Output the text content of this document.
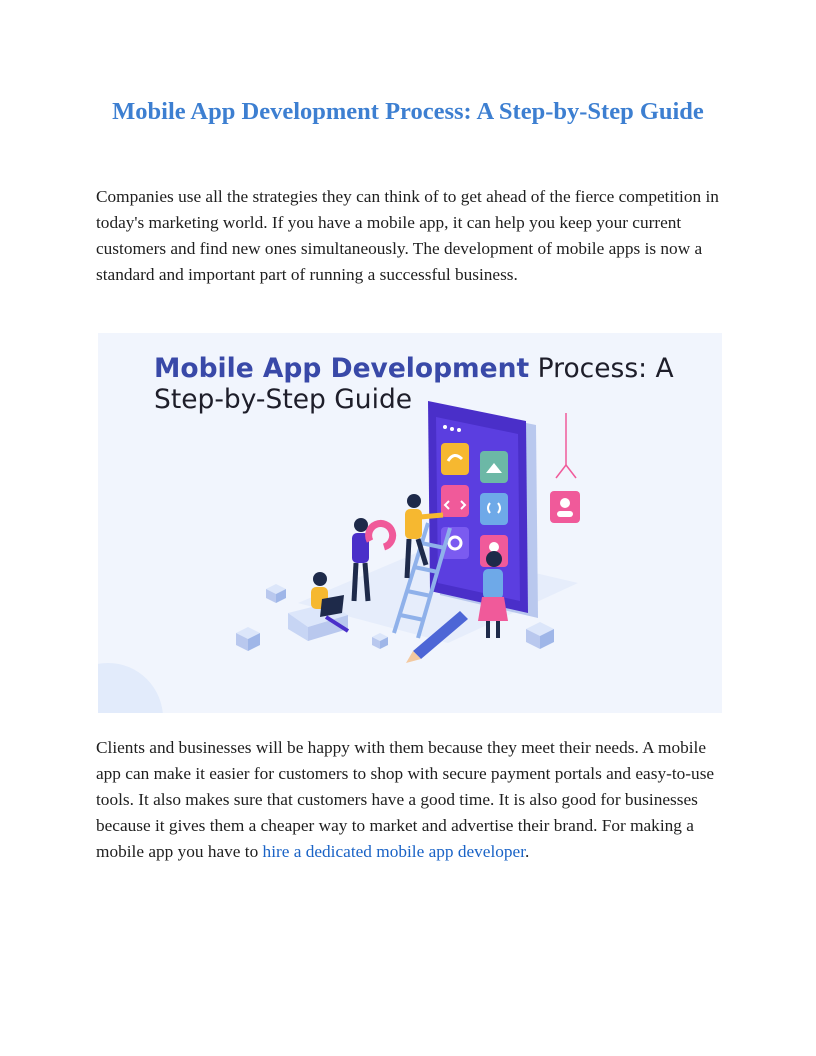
Mobile App Development Process: A Step-by-Step Guide

Companies use all the strategies they can think of to get ahead of the fierce competition in today's marketing world. If you have a mobile app, it can help you keep your current customers and find new ones simultaneously. The development of mobile apps is now a standard and important part of running a successful business.

Mobile App Development Process: A
Step-by-Step Guide

Clients and businesses will be happy with them because they meet their needs. A mobile app can make it easier for customers to shop with secure payment portals and easy-to-use tools. It also makes sure that customers have a good time. It is also good for businesses because it gives them a cheaper way to market and advertise their brand. For making a mobile app you have to hire a dedicated mobile app developer.
